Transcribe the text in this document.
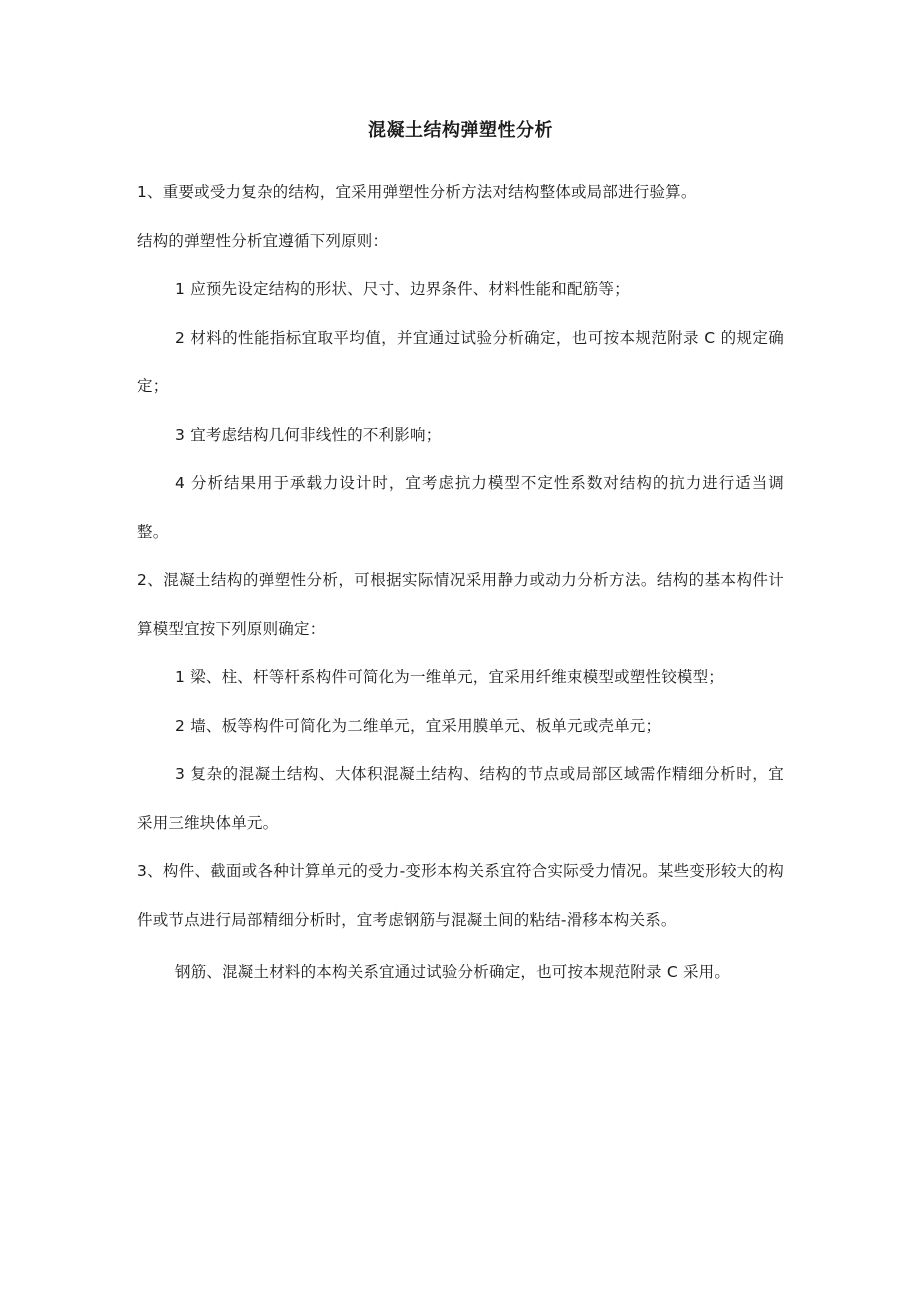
混凝土结构弹塑性分析

1、重要或受力复杂的结构，宜采用弹塑性分析方法对结构整体或局部进行验算。

结构的弹塑性分析宜遵循下列原则：

1 应预先设定结构的形状、尺寸、边界条件、材料性能和配筋等；

2 材料的性能指标宜取平均值，并宜通过试验分析确定，也可按本规范附录 C 的规定确定；

3 宜考虑结构几何非线性的不利影响；

4 分析结果用于承载力设计时，宜考虑抗力模型不定性系数对结构的抗力进行适当调整。

2、混凝土结构的弹塑性分析，可根据实际情况采用静力或动力分析方法。结构的基本构件计算模型宜按下列原则确定：

1 梁、柱、杆等杆系构件可简化为一维单元，宜采用纤维束模型或塑性铰模型；

2 墙、板等构件可简化为二维单元，宜采用膜单元、板单元或壳单元；

3 复杂的混凝土结构、大体积混凝土结构、结构的节点或局部区域需作精细分析时，宜采用三维块体单元。

3、构件、截面或各种计算单元的受力-变形本构关系宜符合实际受力情况。某些变形较大的构件或节点进行局部精细分析时，宜考虑钢筋与混凝土间的粘结-滑移本构关系。

钢筋、混凝土材料的本构关系宜通过试验分析确定，也可按本规范附录 C 采用。
